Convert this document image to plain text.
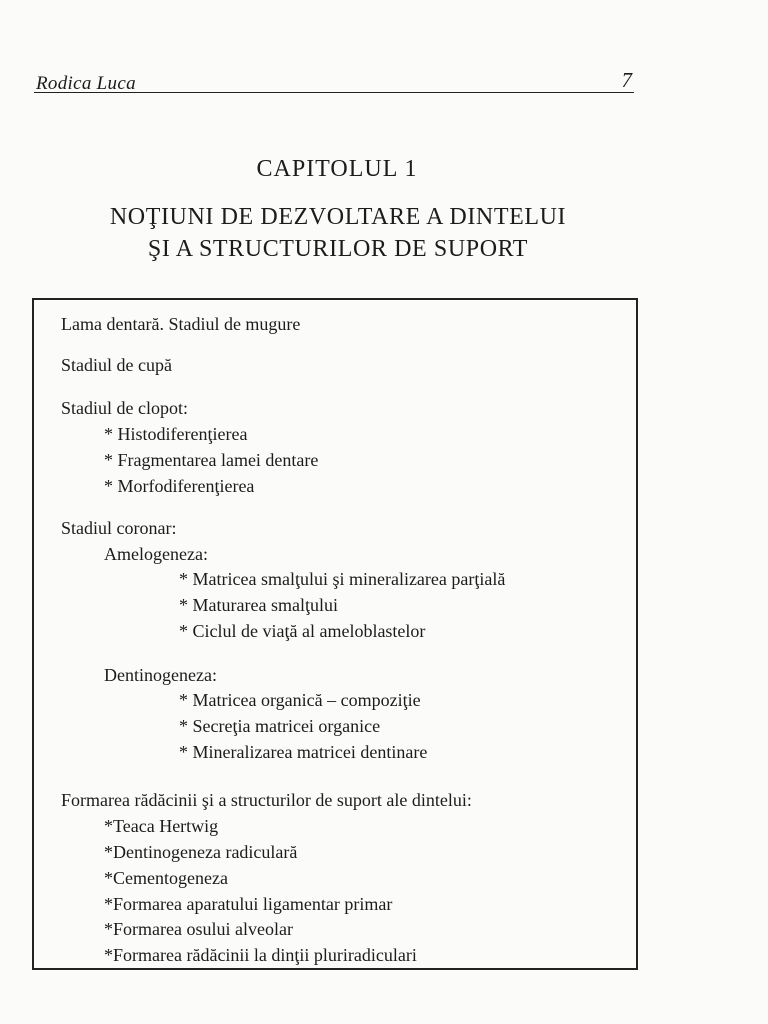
Rodica Luca	7
CAPITOLUL 1
NOŢIUNI DE DEZVOLTARE A DINTELUI
ŞI A STRUCTURILOR DE SUPORT
Lama dentară. Stadiul de mugure
Stadiul de cupă
Stadiul de clopot:
* Histodiferenţierea
* Fragmentarea lamei dentare
* Morfodiferenţierea
Stadiul coronar:
Amelogeneza:
* Matricea smalţului şi mineralizarea parţială
* Maturarea smalţului
* Ciclul de viaţă al ameloblastelor
Dentinogeneza:
* Matricea organică – compoziţie
* Secreţia matricei organice
* Mineralizarea matricei dentinare
Formarea rădăcinii şi a structurilor de suport ale dintelui:
*Teaca Hertwig
*Dentinogeneza radiculară
*Cementogeneza
*Formarea aparatului ligamentar primar
*Formarea osului alveolar
*Formarea rădăcinii la dinţii pluriradiculari
